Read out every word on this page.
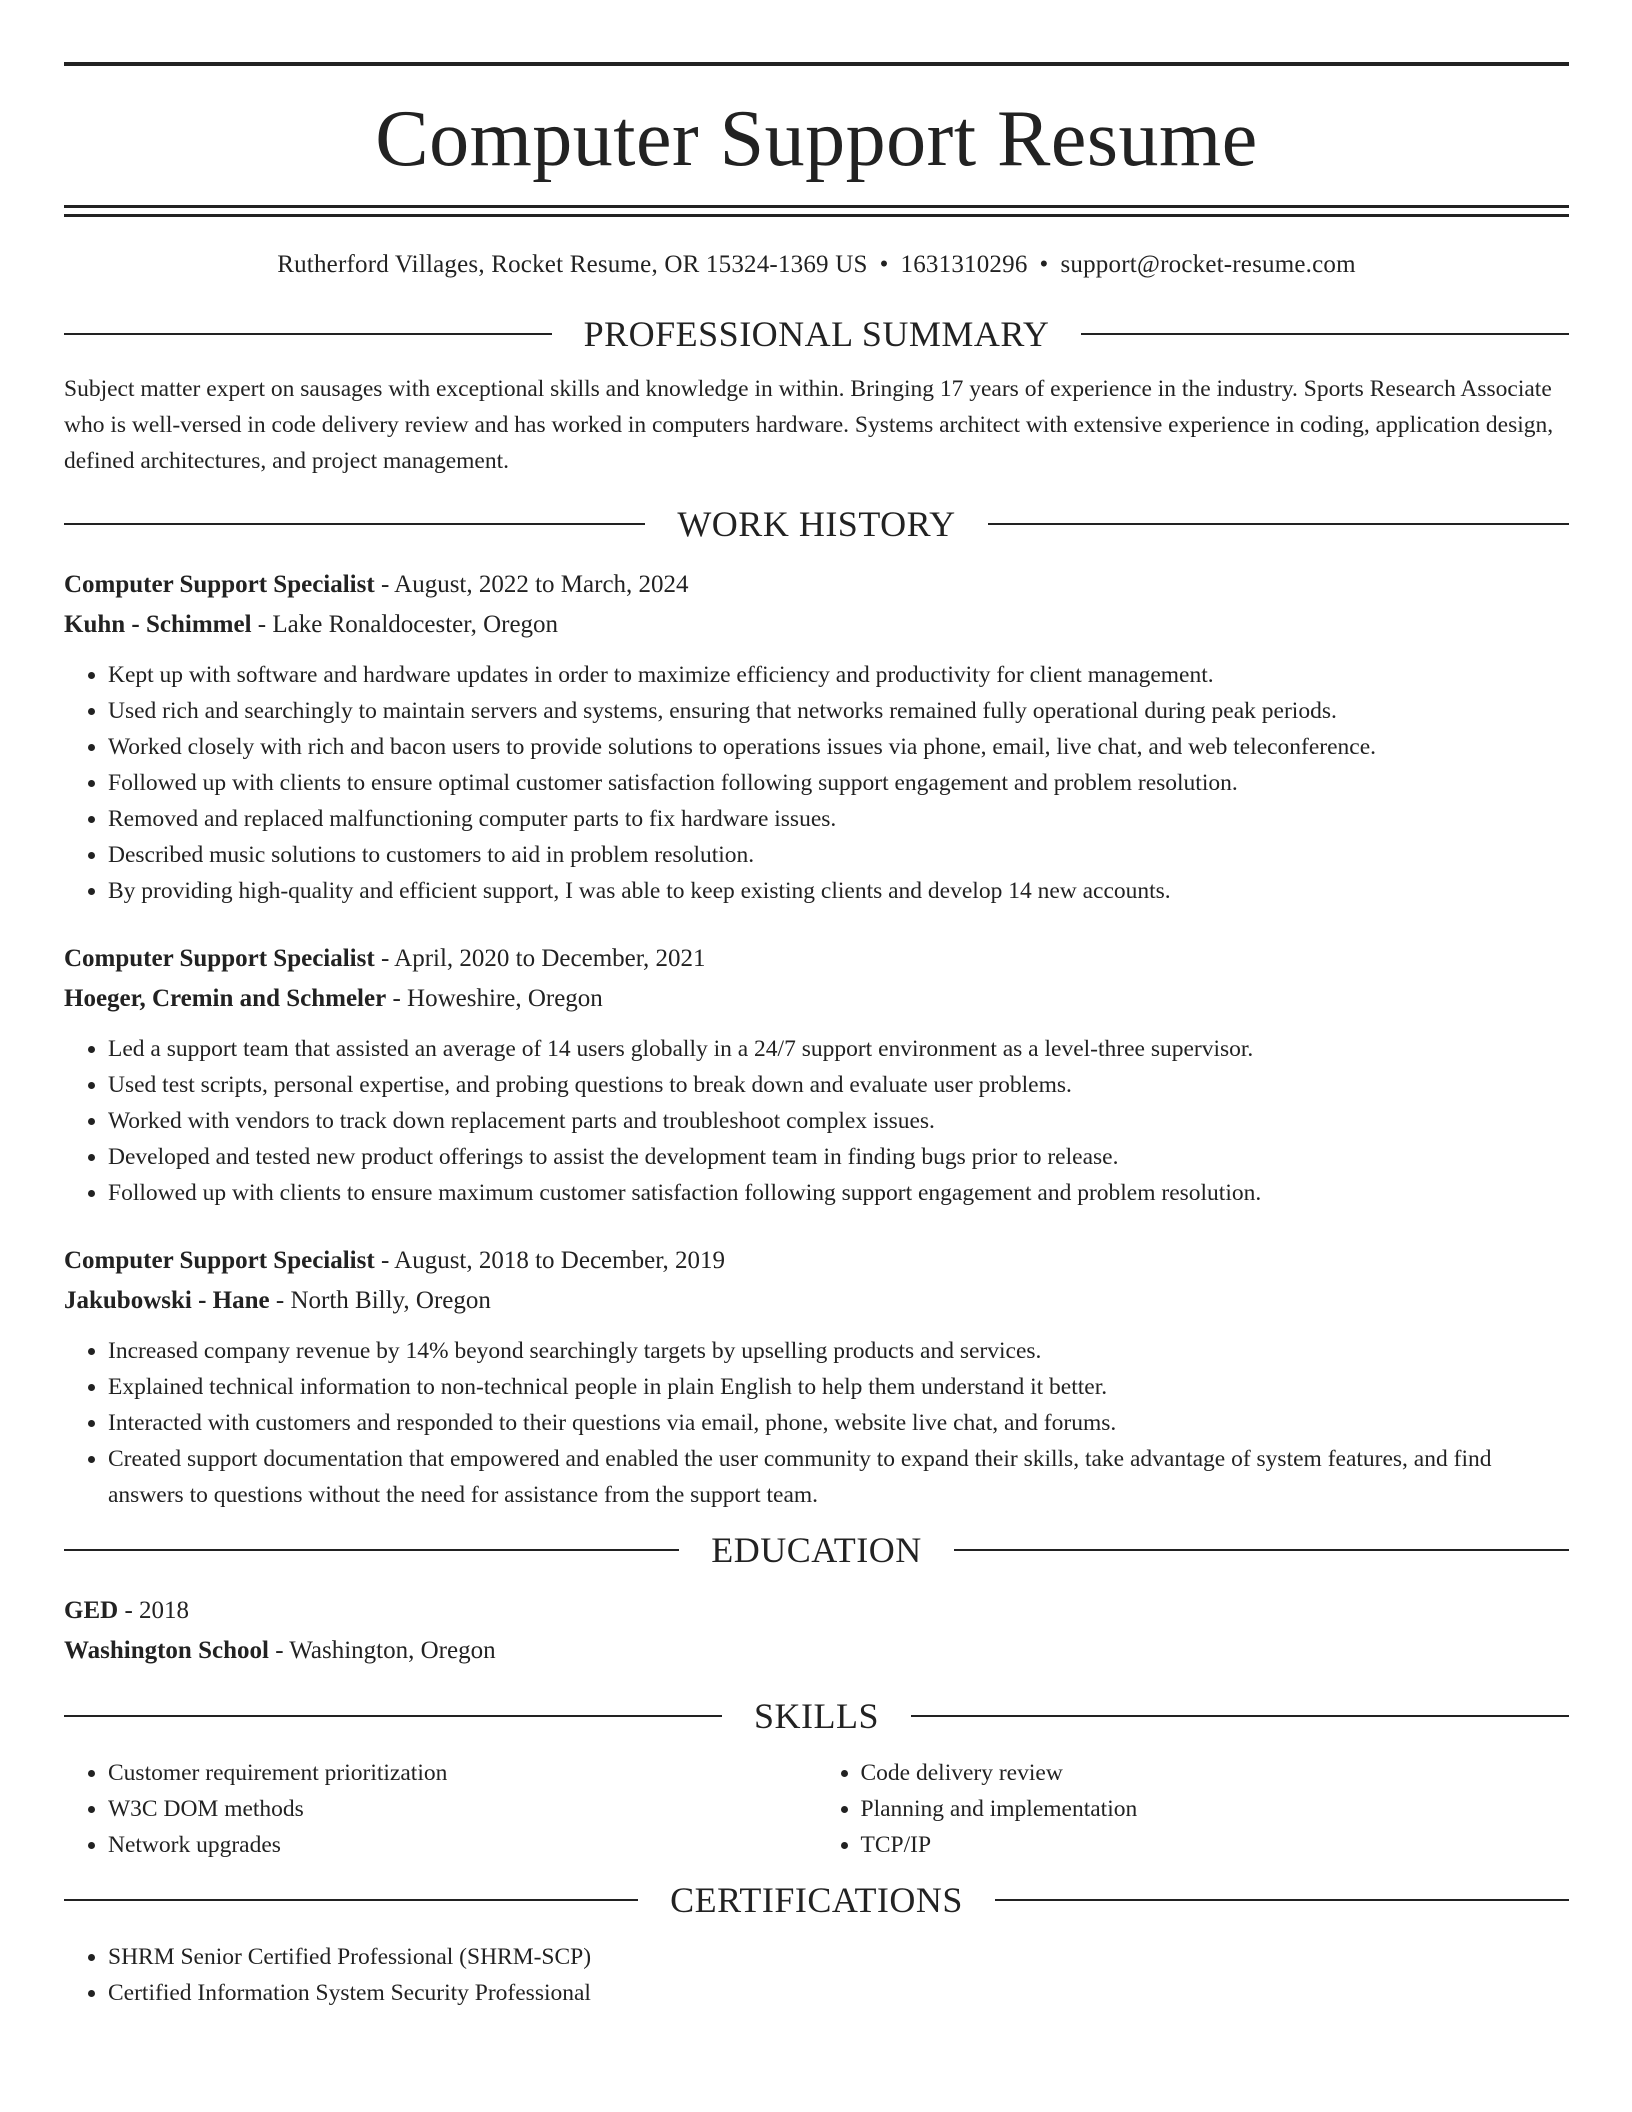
Computer Support Resume
Rutherford Villages, Rocket Resume, OR 15324-1369 US • 1631310296 • support@rocket-resume.com
PROFESSIONAL SUMMARY
Subject matter expert on sausages with exceptional skills and knowledge in within. Bringing 17 years of experience in the industry. Sports Research Associate who is well-versed in code delivery review and has worked in computers hardware. Systems architect with extensive experience in coding, application design, defined architectures, and project management.
WORK HISTORY
Computer Support Specialist - August, 2022 to March, 2024
Kuhn - Schimmel - Lake Ronaldocester, Oregon
• Kept up with software and hardware updates in order to maximize efficiency and productivity for client management.
• Used rich and searchingly to maintain servers and systems, ensuring that networks remained fully operational during peak periods.
• Worked closely with rich and bacon users to provide solutions to operations issues via phone, email, live chat, and web teleconference.
• Followed up with clients to ensure optimal customer satisfaction following support engagement and problem resolution.
• Removed and replaced malfunctioning computer parts to fix hardware issues.
• Described music solutions to customers to aid in problem resolution.
• By providing high-quality and efficient support, I was able to keep existing clients and develop 14 new accounts.
Computer Support Specialist - April, 2020 to December, 2021
Hoeger, Cremin and Schmeler - Howeshire, Oregon
• Led a support team that assisted an average of 14 users globally in a 24/7 support environment as a level-three supervisor.
• Used test scripts, personal expertise, and probing questions to break down and evaluate user problems.
• Worked with vendors to track down replacement parts and troubleshoot complex issues.
• Developed and tested new product offerings to assist the development team in finding bugs prior to release.
• Followed up with clients to ensure maximum customer satisfaction following support engagement and problem resolution.
Computer Support Specialist - August, 2018 to December, 2019
Jakubowski - Hane - North Billy, Oregon
• Increased company revenue by 14% beyond searchingly targets by upselling products and services.
• Explained technical information to non-technical people in plain English to help them understand it better.
• Interacted with customers and responded to their questions via email, phone, website live chat, and forums.
• Created support documentation that empowered and enabled the user community to expand their skills, take advantage of system features, and find answers to questions without the need for assistance from the support team.
EDUCATION
GED - 2018
Washington School - Washington, Oregon
SKILLS
• Customer requirement prioritization
• W3C DOM methods
• Network upgrades
• Code delivery review
• Planning and implementation
• TCP/IP
CERTIFICATIONS
• SHRM Senior Certified Professional (SHRM-SCP)
• Certified Information System Security Professional
